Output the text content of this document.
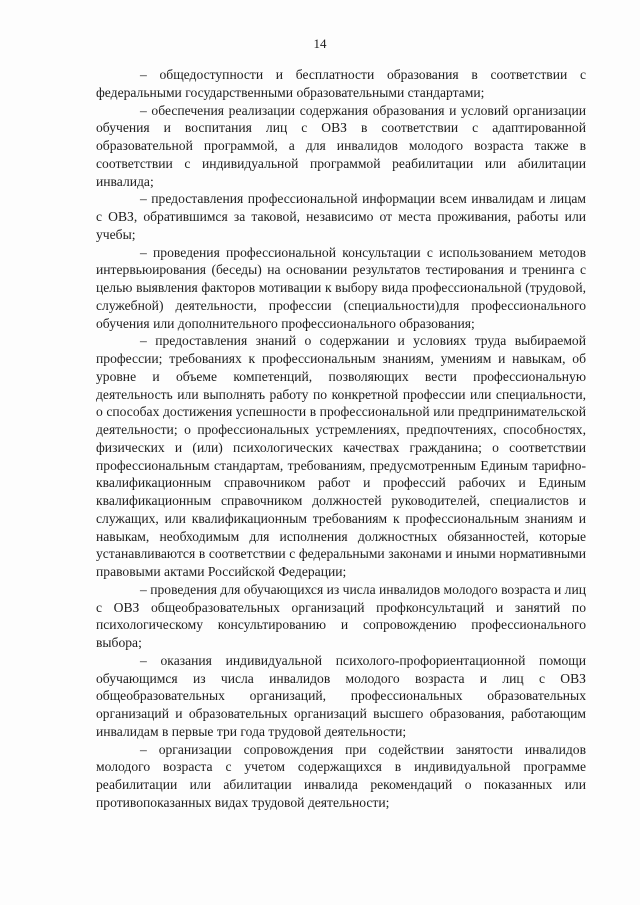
14

– общедоступности и бесплатности образования в соответствии с федеральными государственными образовательными стандартами;

– обеспечения реализации содержания образования и условий организации обучения и воспитания лиц с ОВЗ в соответствии с адаптированной образовательной программой, а для инвалидов молодого возраста также в соответствии с индивидуальной программой реабилитации или абилитации инвалида;

– предоставления профессиональной информации всем инвалидам и лицам с ОВЗ, обратившимся за таковой, независимо от места проживания, работы или учебы;

– проведения профессиональной консультации с использованием методов интервьюирования (беседы) на основании результатов тестирования и тренинга с целью выявления факторов мотивации к выбору вида профессиональной (трудовой, служебной) деятельности, профессии (специальности)для профессионального обучения или дополнительного профессионального образования;

– предоставления знаний о содержании и условиях труда выбираемой профессии; требованиях к профессиональным знаниям, умениям и навыкам, об уровне и объеме компетенций, позволяющих вести профессиональную деятельность или выполнять работу по конкретной профессии или специальности, о способах достижения успешности в профессиональной или предпринимательской деятельности; о профессиональных устремлениях, предпочтениях, способностях, физических и (или) психологических качествах гражданина; о соответствии профессиональным стандартам, требованиям, предусмотренным Единым тарифно-квалификационным справочником работ и профессий рабочих и Единым квалификационным справочником должностей руководителей, специалистов и служащих, или квалификационным требованиям к профессиональным знаниям и навыкам, необходимым для исполнения должностных обязанностей, которые устанавливаются в соответствии с федеральными законами и иными нормативными правовыми актами Российской Федерации;

– проведения для обучающихся из числа инвалидов молодого возраста и лиц с ОВЗ общеобразовательных организаций профконсультаций и занятий по психологическому консультированию и сопровождению профессионального выбора;

– оказания индивидуальной психолого-профориентационной помощи обучающимся из числа инвалидов молодого возраста и лиц с ОВЗ общеобразовательных организаций, профессиональных образовательных организаций и образовательных организаций высшего образования, работающим инвалидам в первые три года трудовой деятельности;

– организации сопровождения при содействии занятости инвалидов молодого возраста с учетом содержащихся в индивидуальной программе реабилитации или абилитации инвалида рекомендаций о показанных или противопоказанных видах трудовой деятельности;
